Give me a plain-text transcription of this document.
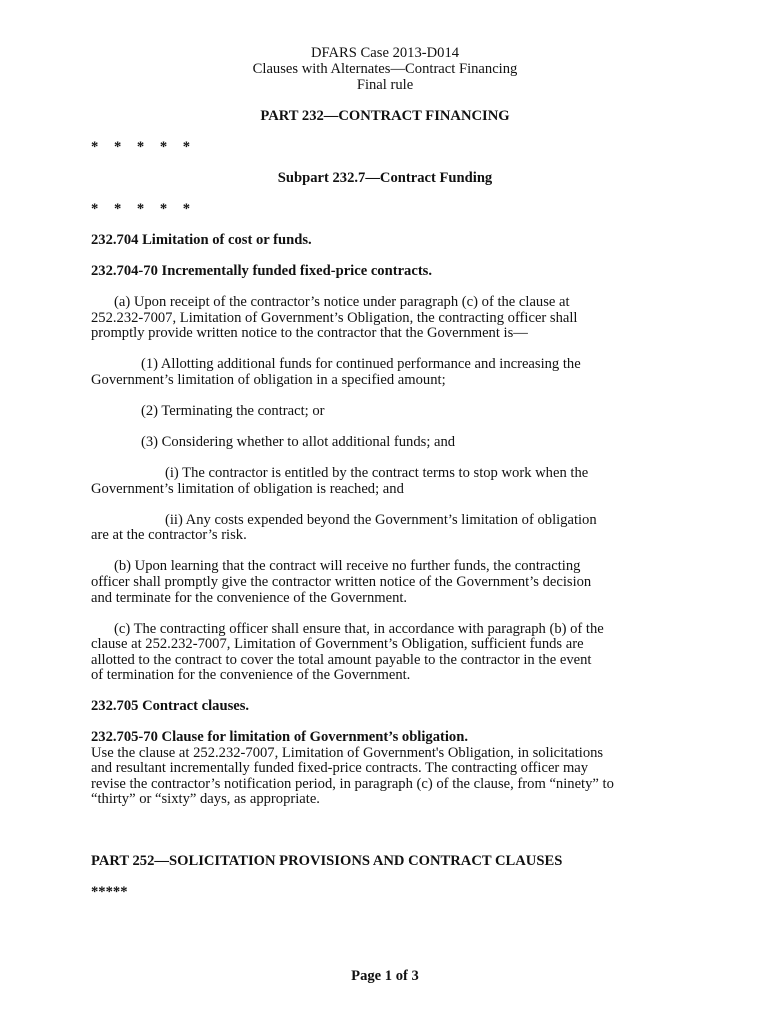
DFARS Case 2013-D014
Clauses with Alternates—Contract Financing
Final rule
PART 232—CONTRACT FINANCING
* * * * *
Subpart 232.7—Contract Funding
* * * * *
232.704 Limitation of cost or funds.
232.704-70 Incrementally funded fixed-price contracts.
(a) Upon receipt of the contractor’s notice under paragraph (c) of the clause at
252.232-7007, Limitation of Government’s Obligation, the contracting officer shall
promptly provide written notice to the contractor that the Government is—
(1) Allotting additional funds for continued performance and increasing the
Government’s limitation of obligation in a specified amount;
(2) Terminating the contract; or
(3) Considering whether to allot additional funds; and
(i) The contractor is entitled by the contract terms to stop work when the
Government’s limitation of obligation is reached; and
(ii) Any costs expended beyond the Government’s limitation of obligation
are at the contractor’s risk.
(b) Upon learning that the contract will receive no further funds, the contracting
officer shall promptly give the contractor written notice of the Government’s decision
and terminate for the convenience of the Government.
(c) The contracting officer shall ensure that, in accordance with paragraph (b) of the
clause at 252.232-7007, Limitation of Government’s Obligation, sufficient funds are
allotted to the contract to cover the total amount payable to the contractor in the event
of termination for the convenience of the Government.
232.705 Contract clauses.
232.705-70 Clause for limitation of Government’s obligation.
Use the clause at 252.232-7007, Limitation of Government's Obligation, in solicitations
and resultant incrementally funded fixed-price contracts. The contracting officer may
revise the contractor’s notification period, in paragraph (c) of the clause, from “ninety” to
“thirty” or “sixty” days, as appropriate.
PART 252—SOLICITATION PROVISIONS AND CONTRACT CLAUSES
*****
Page 1 of 3
